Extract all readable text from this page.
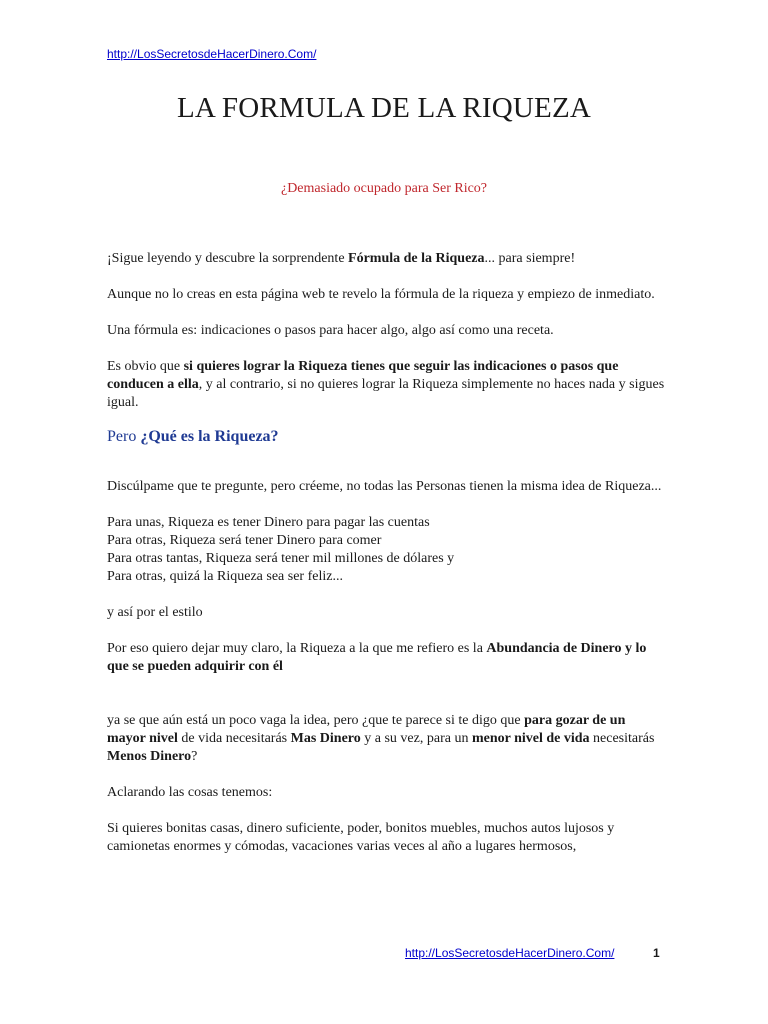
http://LosSecretosdeHacerDinero.Com/
LA FORMULA DE LA RIQUEZA

¿Demasiado ocupado para Ser Rico?

¡Sigue leyendo y descubre la sorprendente Fórmula de la Riqueza... para siempre!

Aunque no lo creas en esta página web te revelo la fórmula de la riqueza y empiezo de inmediato.

Una fórmula es: indicaciones o pasos para hacer algo, algo así como una receta.

Es obvio que si quieres lograr la Riqueza tienes que seguir las indicaciones o pasos que conducen a ella, y al contrario, si no quieres lograr la Riqueza simplemente no haces nada y sigues igual.

Pero ¿Qué es la Riqueza?

Discúlpame que te pregunte, pero créeme, no todas las Personas tienen la misma idea de Riqueza...

Para unas, Riqueza es tener Dinero para pagar las cuentas

Para otras, Riqueza será tener Dinero para comer

Para otras tantas, Riqueza será tener mil millones de dólares y

Para otras, quizá la Riqueza sea ser feliz...

y así por el estilo

Por eso quiero dejar muy claro, la Riqueza a la que me refiero es la Abundancia de Dinero y lo que se pueden adquirir con él

ya se que aún está un poco vaga la idea, pero ¿que te parece si te digo que para gozar de un mayor nivel de vida necesitarás Mas Dinero y a su vez, para un menor nivel de vida necesitarás Menos Dinero?

Aclarando las cosas tenemos:

Si quieres bonitas casas, dinero suficiente, poder, bonitos muebles, muchos autos lujosos y camionetas enormes y cómodas, vacaciones varias veces al año a lugares hermosos,

http://LosSecretosdeHacerDinero.Com/	1
